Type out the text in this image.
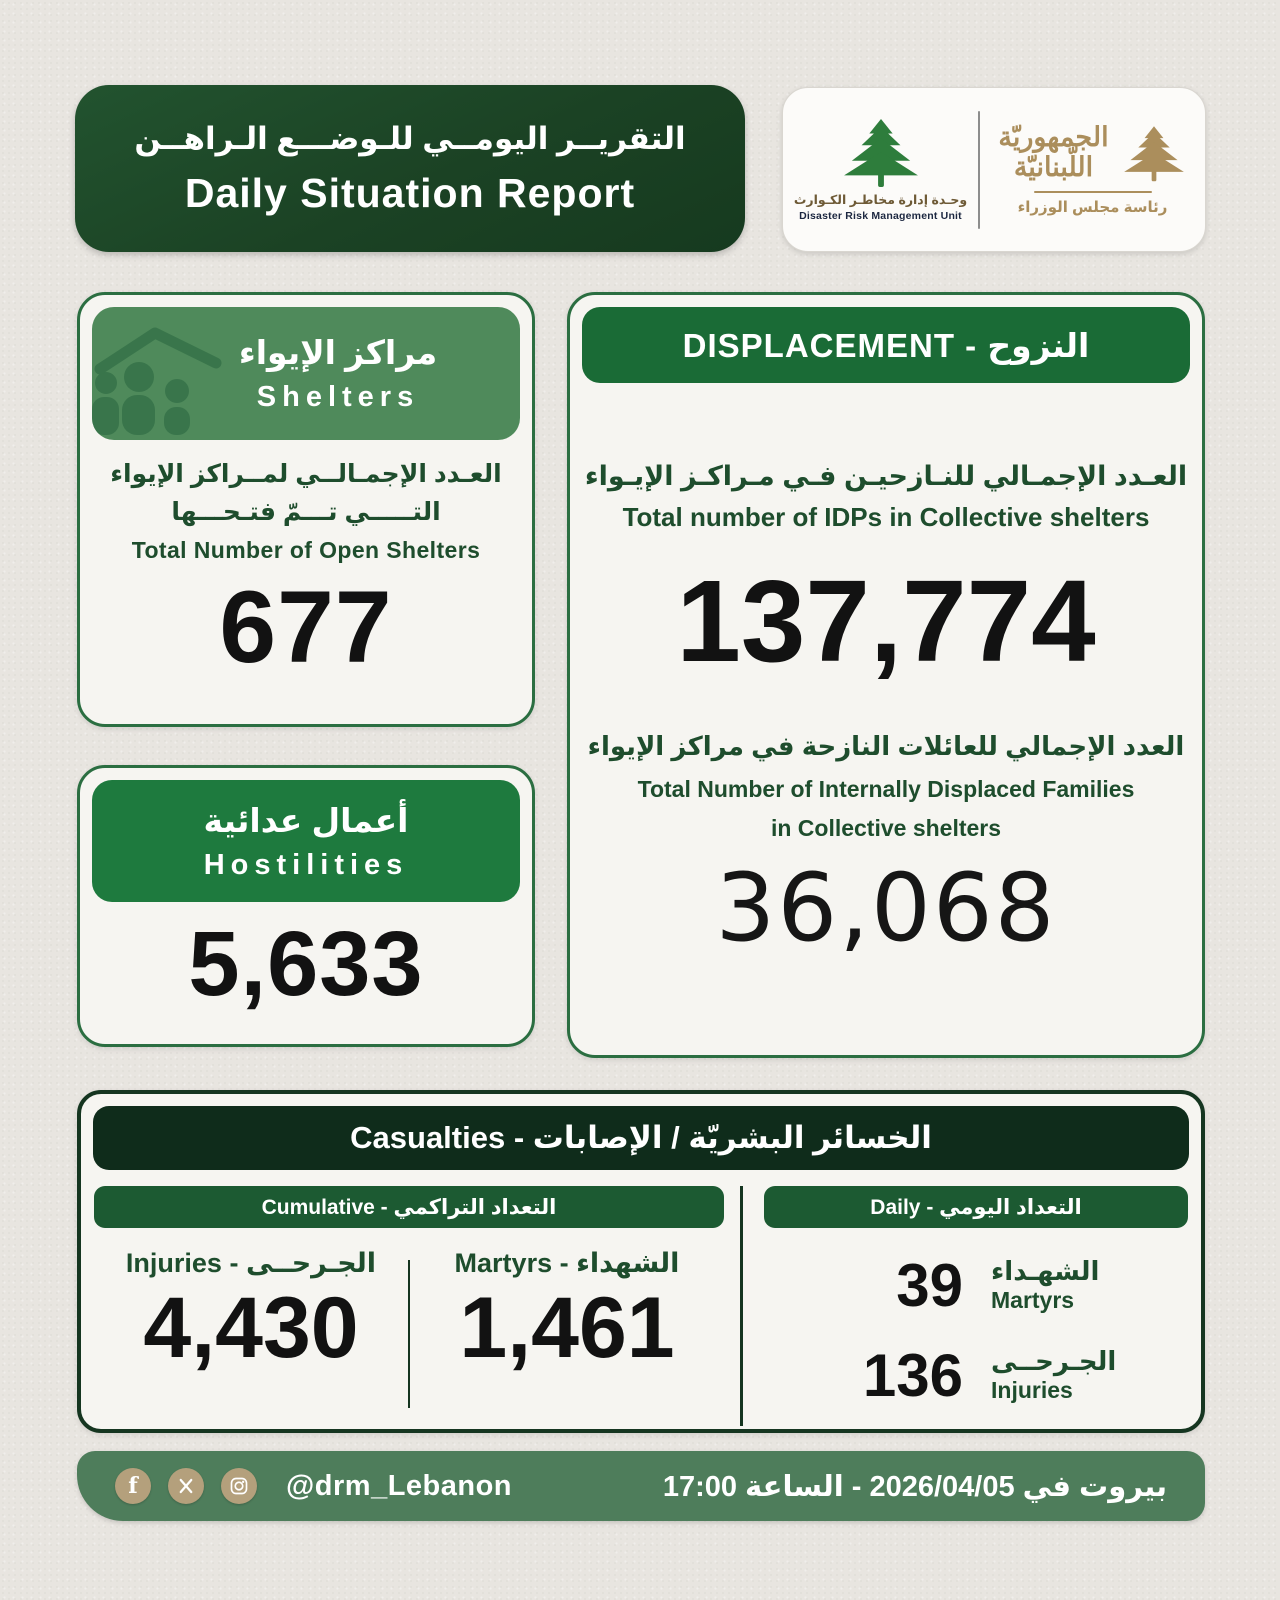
التقريــر اليومــي للـوضـــع الـراهــن
Daily Situation Report	وحـدة إدارة مخاطـر الكـوارث
Disaster Risk Management Unit
الجمهوريّة
اللّبنانيّة
رئاسة مجلس الوزراء
مراكز الإيواء
Shelters
العـدد الإجمـالــي لمــراكز الإيواء
التـــــي تـــمّ فتـحـــها
Total Number of Open Shelters
677
أعمال عدائية
Hostilities
5,633
DISPLACEMENT - النزوح
العـدد الإجمـالي للنـازحيـن فـي مـراكـز الإيـواء
Total number of IDPs in Collective shelters
137,774
العدد الإجمالي للعائلات النازحة في مراكز الإيواء
Total Number of Internally Displaced Families
in Collective shelters
36,068
الخسائر البشريّة / الإصابات - Casualties
Cumulative - التعداد التراكمي	Daily - التعداد اليومي
Injuries - الجـرحــى
4,430
Martyrs - الشهداء
1,461	39 الشهـداء
Martyrs
136 الجـرحــى
Injuries
f	@drm_Lebanon	بيروت في 2026/04/05 - الساعة 17:00
